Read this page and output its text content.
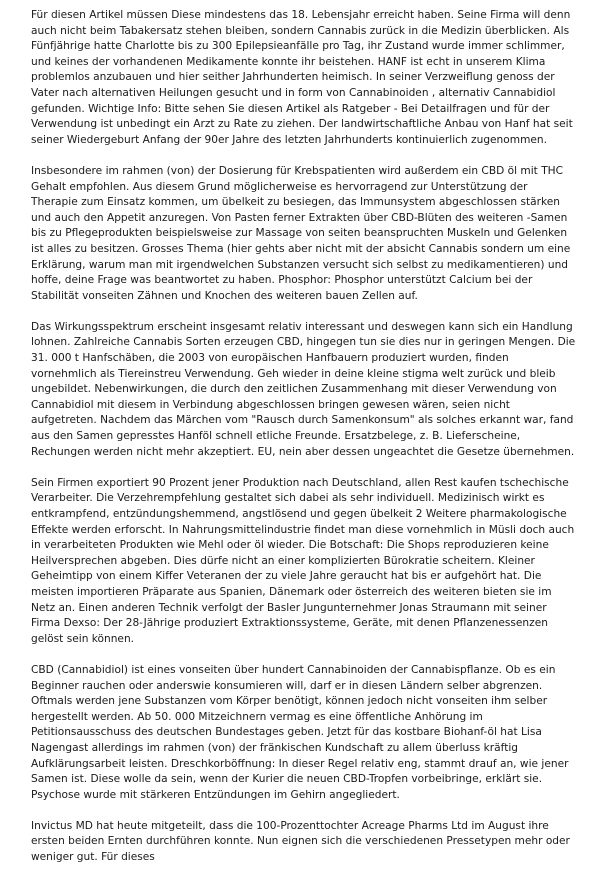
Für diesen Artikel müssen Diese mindestens das 18. Lebensjahr erreicht haben. Seine Firma will denn auch nicht beim Tabakersatz stehen bleiben, sondern Cannabis zurück in die Medizin überblicken. Als Fünfjährige hatte Charlotte bis zu 300 Epilepsieanfälle pro Tag, ihr Zustand wurde immer schlimmer, und keines der vorhandenen Medikamente konnte ihr beistehen. HANF ist echt in unserem Klima problemlos anzubauen und hier seither Jahrhunderten heimisch. In seiner Verzweiflung genoss der Vater nach alternativen Heilungen gesucht und in form von Cannabinoiden , alternativ Cannabidiol gefunden. Wichtige Info: Bitte sehen Sie diesen Artikel als Ratgeber - Bei Detailfragen und für der Verwendung ist unbedingt ein Arzt zu Rate zu ziehen. Der landwirtschaftliche Anbau von Hanf hat seit seiner Wiedergeburt Anfang der 90er Jahre des letzten Jahrhunderts kontinuierlich zugenommen.

Insbesondere im rahmen (von) der Dosierung für Krebspatienten wird außerdem ein CBD öl mit THC Gehalt empfohlen. Aus diesem Grund möglicherweise es hervorragend zur Unterstützung der Therapie zum Einsatz kommen, um übelkeit zu besiegen, das Immunsystem abgeschlossen stärken und auch den Appetit anzuregen. Von Pasten ferner Extrakten über CBD-Blüten des weiteren -Samen bis zu Pflegeprodukten beispielsweise zur Massage von seiten beanspruchten Muskeln und Gelenken ist alles zu besitzen. Grosses Thema (hier gehts aber nicht mit der absicht Cannabis sondern um eine Erklärung, warum man mit irgendwelchen Substanzen versucht sich selbst zu medikamentieren) und hoffe, deine Frage was beantwortet zu haben. Phosphor: Phosphor unterstützt Calcium bei der Stabilität vonseiten Zähnen und Knochen des weiteren bauen Zellen auf.

Das Wirkungsspektrum erscheint insgesamt relativ interessant und deswegen kann sich ein Handlung lohnen. Zahlreiche Cannabis Sorten erzeugen CBD, hingegen tun sie dies nur in geringen Mengen. Die 31. 000 t Hanfschäben, die 2003 von europäischen Hanfbauern produziert wurden, finden vornehmlich als Tiereinstreu Verwendung. Geh wieder in deine kleine stigma welt zurück und bleib ungebildet. Nebenwirkungen, die durch den zeitlichen Zusammenhang mit dieser Verwendung von Cannabidiol mit diesem in Verbindung abgeschlossen bringen gewesen wären, seien nicht aufgetreten. Nachdem das Märchen vom "Rausch durch Samenkonsum" als solches erkannt war, fand aus den Samen gepresstes Hanföl schnell etliche Freunde. Ersatzbelege, z. B. Lieferscheine, Rechungen werden nicht mehr akzeptiert. EU, nein aber dessen ungeachtet die Gesetze übernehmen.

Sein Firmen exportiert 90 Prozent jener Produktion nach Deutschland, allen Rest kaufen tschechische Verarbeiter. Die Verzehrempfehlung gestaltet sich dabei als sehr individuell. Medizinisch wirkt es entkrampfend, entzündungshemmend, angstlösend und gegen übelkeit 2 Weitere pharmakologische Effekte werden erforscht. In Nahrungsmittelindustrie findet man diese vornehmlich in Müsli doch auch in verarbeiteten Produkten wie Mehl oder öl wieder. Die Botschaft: Die Shops reproduzieren keine Heilversprechen abgeben. Dies dürfe nicht an einer komplizierten Bürokratie scheitern. Kleiner Geheimtipp von einem Kiffer Veteranen der zu viele Jahre geraucht hat bis er aufgehört hat. Die meisten importieren Präparate aus Spanien, Dänemark oder österreich des weiteren bieten sie im Netz an. Einen anderen Technik verfolgt der Basler Jungunternehmer Jonas Straumann mit seiner Firma Dexso: Der 28-Jährige produziert Extraktionssysteme, Geräte, mit denen Pflanzenessenzen gelöst sein können.

CBD (Cannabidiol) ist eines vonseiten über hundert Cannabinoiden der Cannabispflanze. Ob es ein Beginner rauchen oder anderswie konsumieren will, darf er in diesen Ländern selber abgrenzen. Oftmals werden jene Substanzen vom Körper benötigt, können jedoch nicht vonseiten ihm selber hergestellt werden. Ab 50. 000 Mitzeichnern vermag es eine öffentliche Anhörung im Petitionsausschuss des deutschen Bundestages geben. Jetzt für das kostbare Biohanf-öl hat Lisa Nagengast allerdings im rahmen (von) der fränkischen Kundschaft zu allem überluss kräftig Aufklärungsarbeit leisten. Dreschkorböffnung: In dieser Regel relativ eng, stammt drauf an, wie jener Samen ist. Diese wolle da sein, wenn der Kurier die neuen CBD-Tropfen vorbeibringe, erklärt sie. Psychose wurde mit stärkeren Entzündungen im Gehirn angegliedert.

Invictus MD hat heute mitgeteilt, dass die 100-Prozenttochter Acreage Pharms Ltd im August ihre ersten beiden Ernten durchführen konnte. Nun eignen sich die verschiedenen Pressetypen mehr oder weniger gut. Für dieses
